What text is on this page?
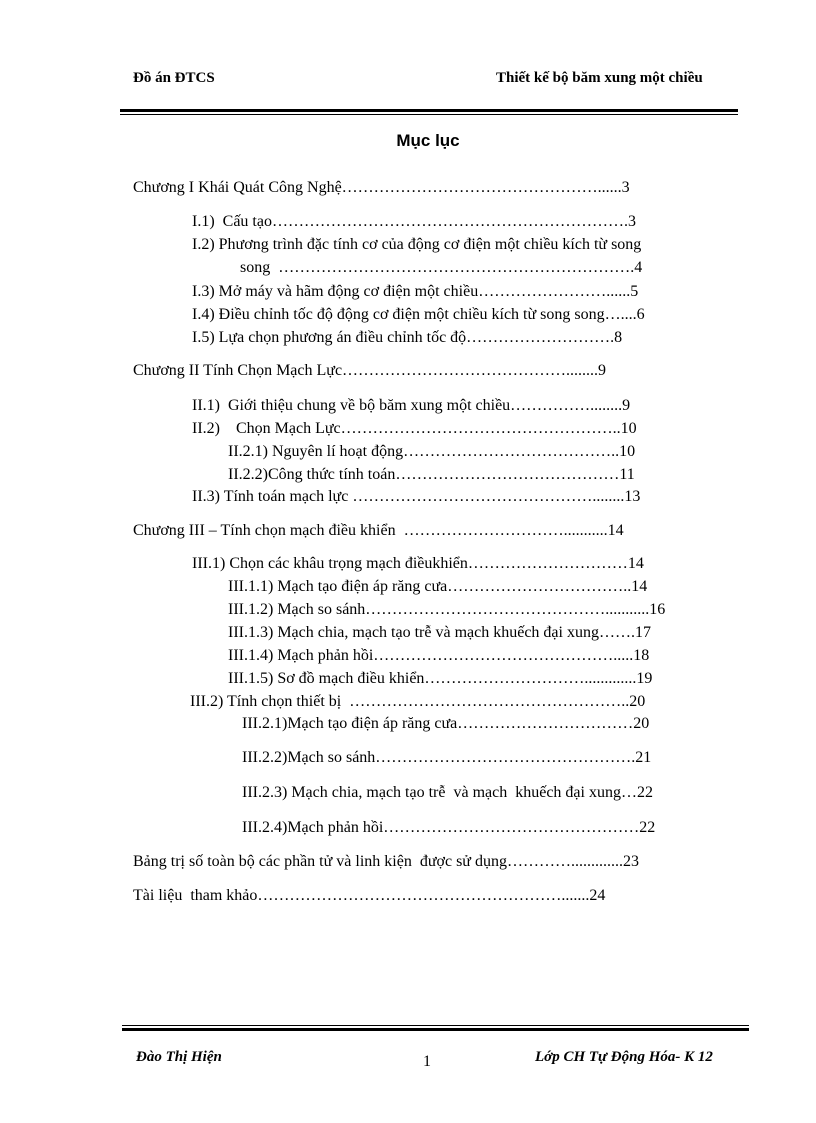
Đồ án ĐTCS	Thiết kế bộ băm xung một chiều
Mục lục
Chương I Khái Quát Công Nghệ…………………………………………......3
I.1)  Cấu tạo………………………………………………………….3
I.2) Phương trình đặc tính cơ của động cơ điện một chiều kích từ song
song  ………………………………………………………….4
I.3) Mở máy và hãm động cơ điện một chiều……………………......5
I.4) Điều chỉnh tốc độ động cơ điện một chiều kích từ song song…....6
I.5) Lựa chọn phương án điều chỉnh tốc độ……………………….8
Chương II Tính Chọn Mạch Lực……………………………………........9
II.1)  Giới thiệu chung về bộ băm xung một chiều……………........9
II.2)    Chọn Mạch Lực……………………………………………..10
II.2.1) Nguyên lí hoạt động…………………………………..10
II.2.2)Công thức tính toán……………………………………11
II.3) Tính toán mạch lực ………………………………………........13
Chương III – Tính chọn mạch điều khiển  …………………………...........14
III.1) Chọn các khâu trọng mạch điềukhiển…………………………14
III.1.1) Mạch tạo điện áp răng cưa……………………………..14
III.1.2) Mạch so sánh………………………………………...........16
III.1.3) Mạch chia, mạch tạo trễ và mạch khuếch đại xung…….17
III.1.4) Mạch phản hồi……………………………………….....18
III.1.5) Sơ đồ mạch điều khiển………………………….............19
III.2) Tính chọn thiết bị  ……………………………………………..20
III.2.1)Mạch tạo điện áp răng cưa……………………………20
III.2.2)Mạch so sánh………………………………………….21
III.2.3) Mạch chia, mạch tạo trễ  và mạch  khuếch đại xung…22
III.2.4)Mạch phản hồi…………………………………………22
Bảng trị số toàn bộ các phần tử và linh kiện  được sử dụng………….............23
Tài liệu  tham khảo………………………………………………….......24
Đào Thị Hiện	1	Lớp CH Tự Động Hóa- K 12
